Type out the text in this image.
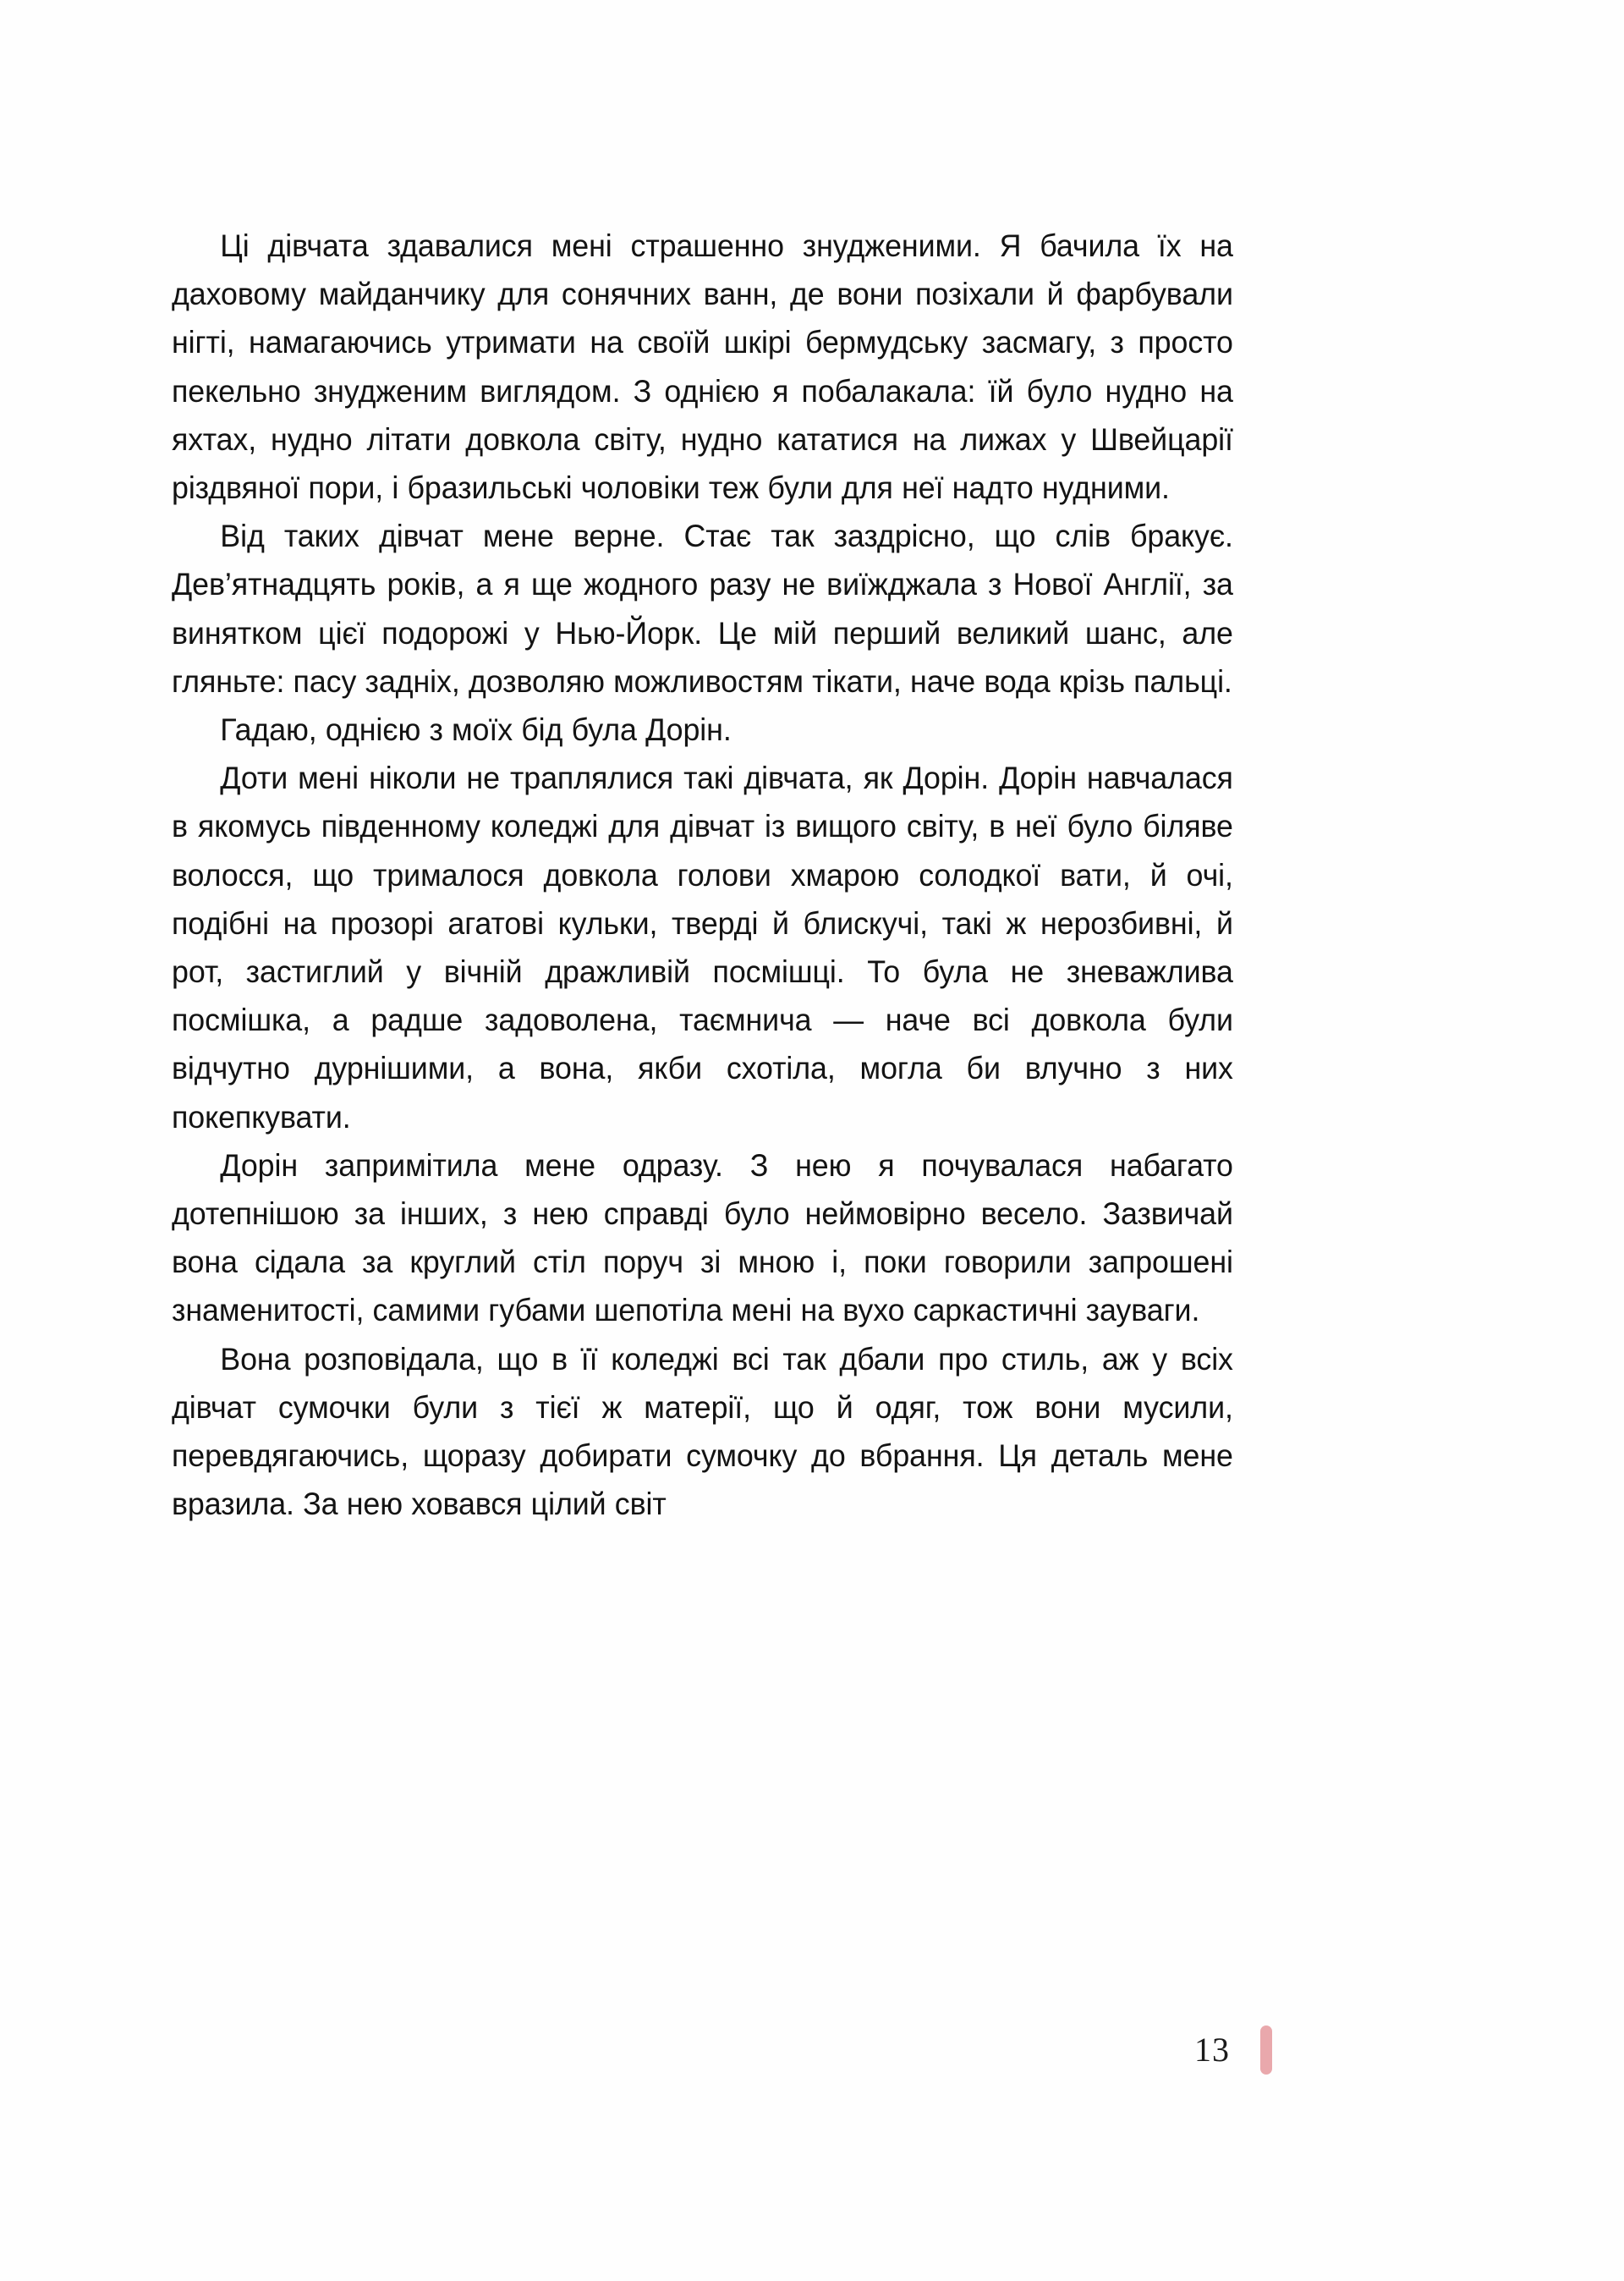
Ці дівчата здавалися мені страшенно знудженими. Я бачила їх на даховому майданчику для сонячних ванн, де вони позіхали й фарбували нігті, намагаючись утримати на своїй шкірі бермудську засмагу, з просто пекельно знудженим виглядом. З однією я побалакала: їй було нудно на яхтах, нудно літати довкола світу, нудно кататися на лижах у Швейцарії різдвяної пори, і бразильські чоловіки теж були для неї надто нудними.

Від таких дівчат мене верне. Стає так заздрісно, що слів бракує. Дев’ятнадцять років, а я ще жодного разу не виїжджала з Нової Англії, за винятком цієї подорожі у Нью-Йорк. Це мій перший великий шанс, але гляньте: пасу задніх, дозволяю можливостям тікати, наче вода крізь пальці.

Гадаю, однією з моїх бід була Дорін.

Доти мені ніколи не траплялися такі дівчата, як Дорін. Дорін навчалася в якомусь південному коледжі для дівчат із вищого світу, в неї було біляве волосся, що трималося довкола голови хмарою солодкої вати, й очі, подібні на прозорі агатові кульки, тверді й блискучі, такі ж нерозбивні, й рот, застиглий у вічній дражливій посмішці. То була не зневажлива посмішка, а радше задоволена, таємнича — наче всі довкола були відчутно дурнішими, а вона, якби схотіла, могла би влучно з них покепкувати.

Дорін запримітила мене одразу. З нею я почувалася набагато дотепнішою за інших, з нею справді було неймовірно весело. Зазвичай вона сідала за круглий стіл поруч зі мною і, поки говорили запрошені знаменитості, самими губами шепотіла мені на вухо саркастичні зауваги.

Вона розповідала, що в її коледжі всі так дбали про стиль, аж у всіх дівчат сумочки були з тієї ж матерії, що й одяг, тож вони мусили, перевдягаючись, щоразу добирати сумочку до вбрання. Ця деталь мене вразила. За нею ховався цілий світ

13
